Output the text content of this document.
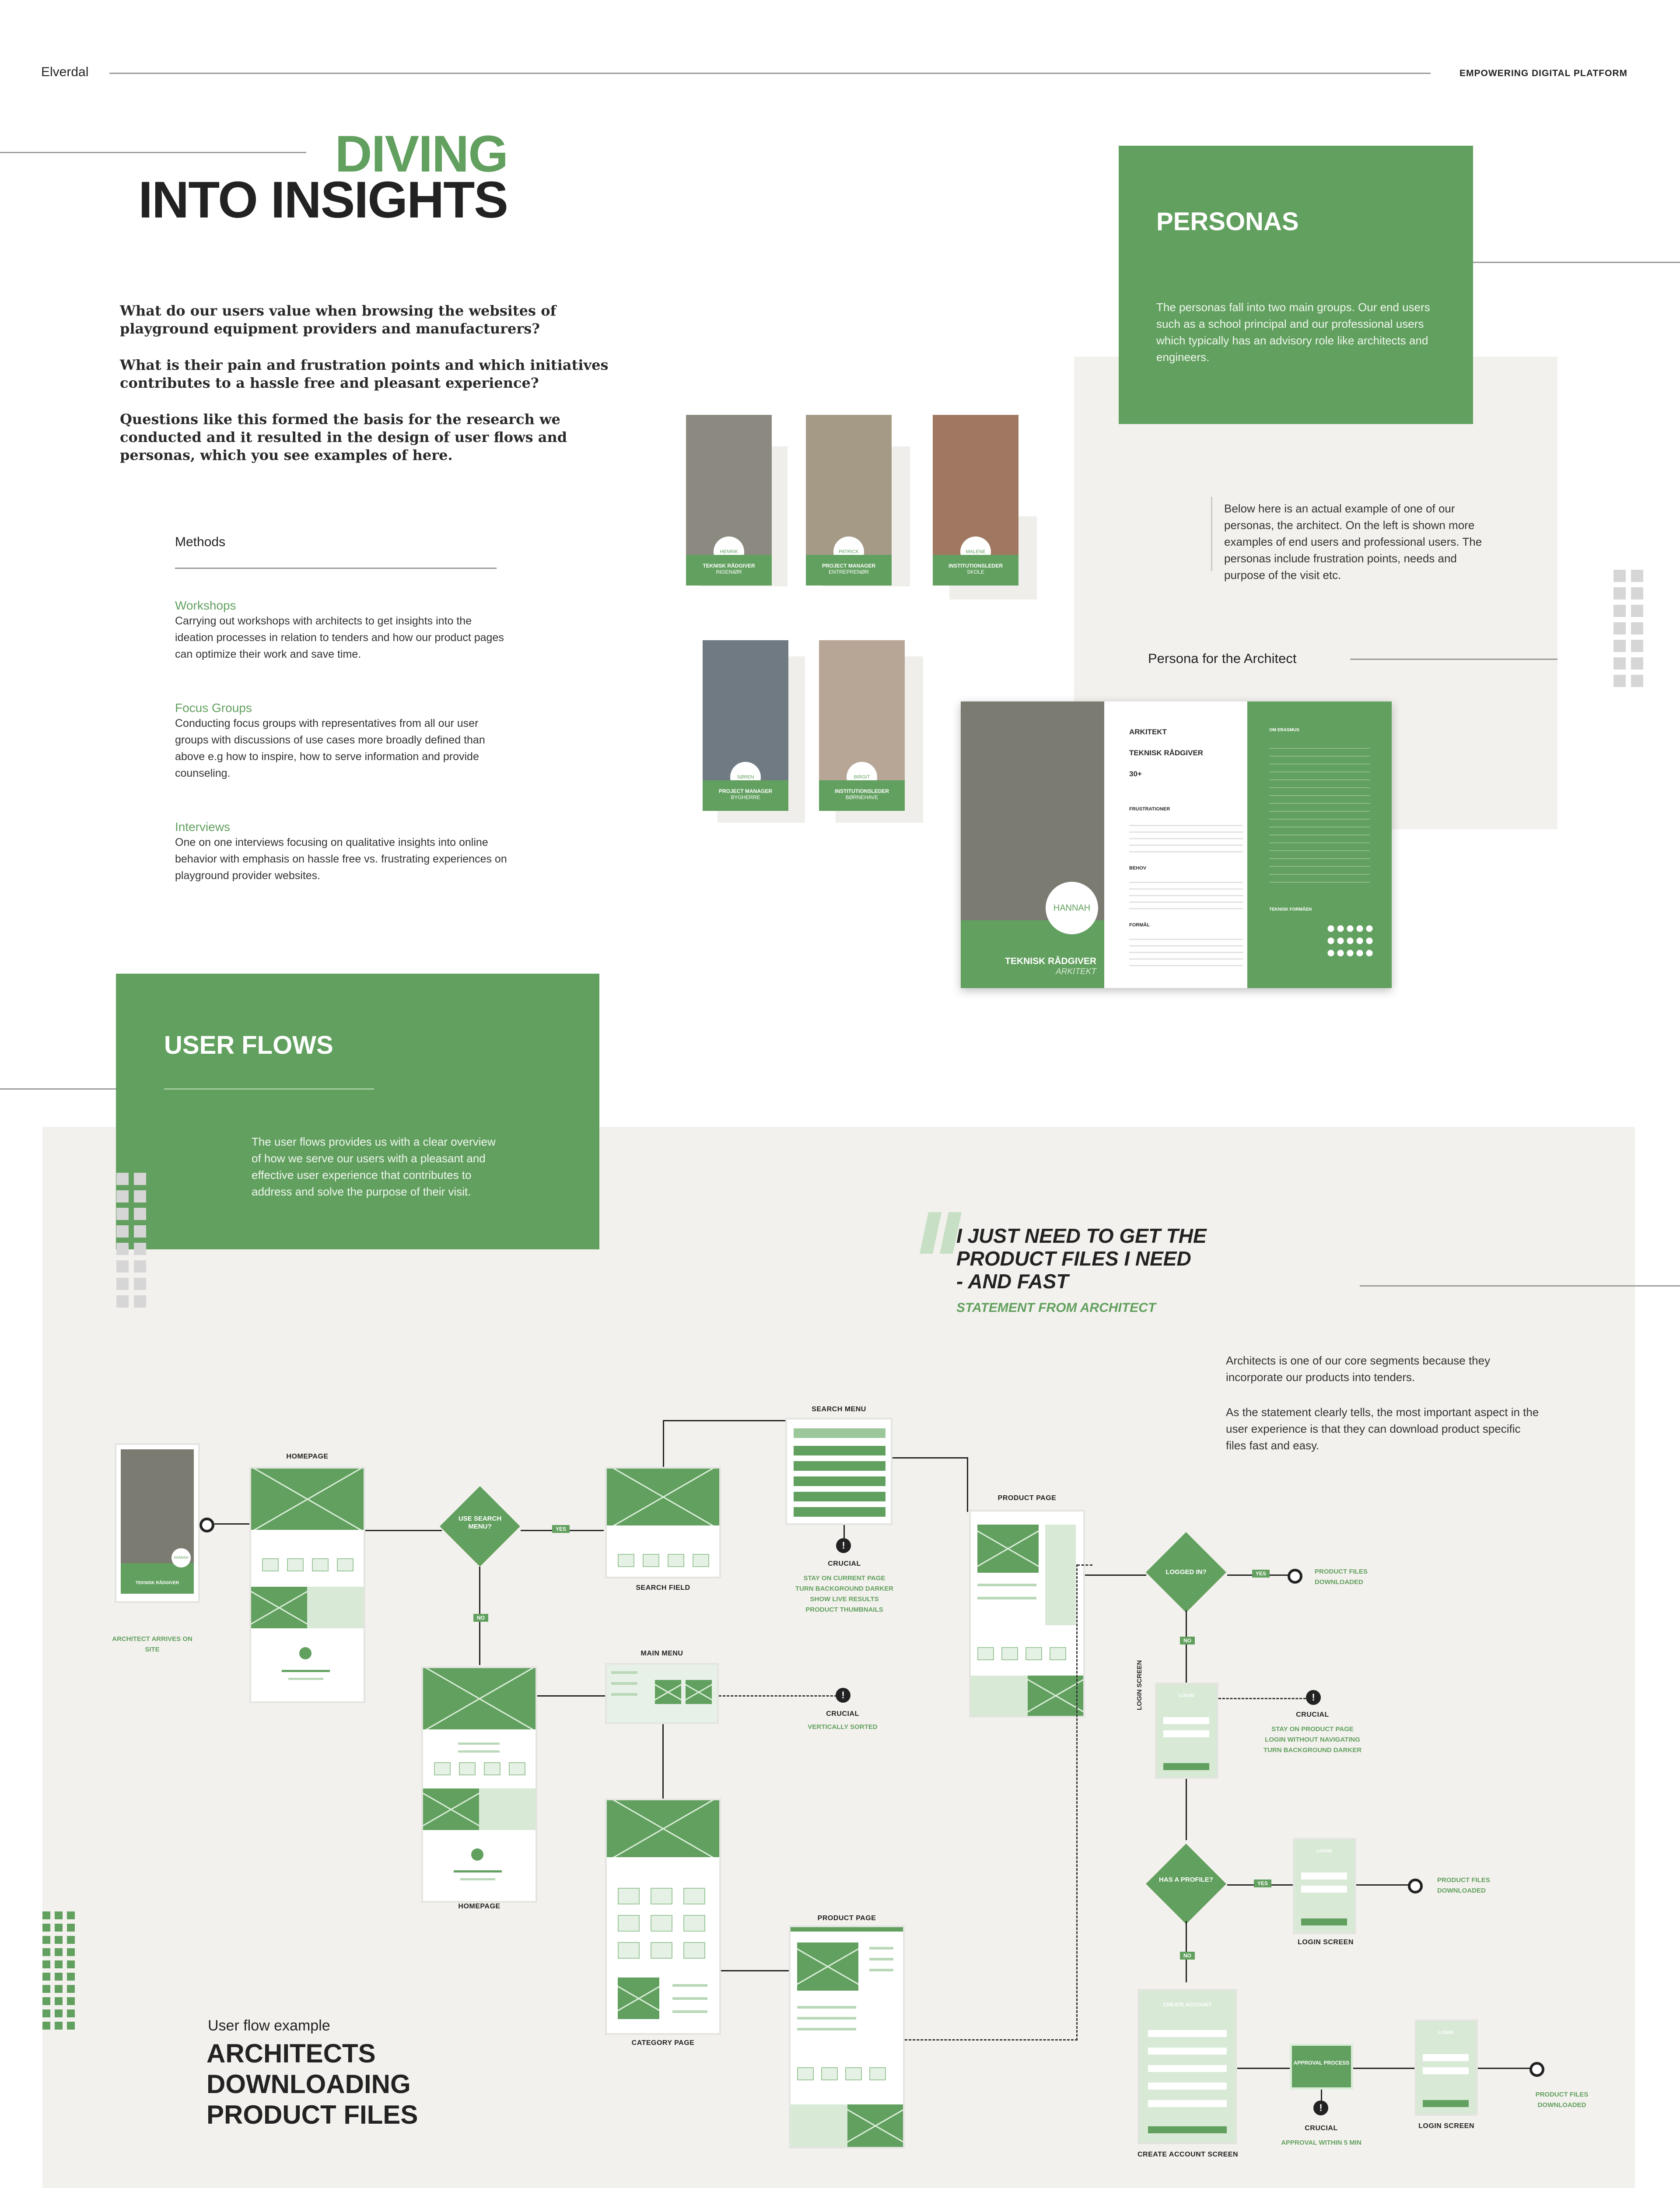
Elverdal	EMPOWERING DIGITAL PLATFORM
DIVING
INTO INSIGHTS

What do our users value when browsing the websites of playground equipment providers and manufacturers?

What is their pain and frustration points and which initiatives contributes to a hassle free and pleasant experience?

Questions like this formed the basis for the research we conducted and it resulted in the design of user flows and personas, which you see examples of here.

Methods
Workshops
Carrying out workshops with architects to get insights into the ideation processes in relation to tenders and how our product pages can optimize their work and save time.
Focus Groups
Conducting focus groups with representatives from all our user groups with discussions of use cases more broadly defined than above e.g how to inspire, how to serve information and provide counseling.
Interviews
One on one interviews focusing on qualitative insights into online behavior with emphasis on hassle free vs. frustrating experiences on playground provider websites.
HENRIK
TEKNISK RÅDGIVER
INGENIØR
PATRICK
PROJECT MANAGER
ENTREPRENØR
MALENE
INSTITUTIONSLEDER
SKOLE
SØREN
PROJECT MANAGER
BYGHERRE
BIRGIT
INSTITUTIONSLEDER
BØRNEHAVE
PERSONAS
The personas fall into two main groups. Our end users such as a school principal and our professional users which typically has an advisory role like architects and engineers.
Below here is an actual example of one of our personas, the architect. On the left is shown more examples of end users and professional users. The personas include frustration points, needs and purpose of the visit etc.
Persona for the Architect
HANNAH
TEKNISK RÅDGIVER
ARKITEKT
ARKITEKT
TEKNISK RÅDGIVER
30+
FRUSTRATIONER
BEHOV
FORMÅL
OM ERASMUS
TEKNISK FORMÅEN
USER FLOWS
The user flows provides us with a clear overview of how we serve our users with a pleasant and effective user experience that contributes to address and solve the purpose of their visit.
I JUST NEED TO GET THE
PRODUCT FILES I NEED
- AND FAST
STATEMENT FROM ARCHITECT
Architects is one of our core segments because they incorporate our products into tenders.
As the statement clearly tells, the most important aspect in the user experience is that they can download product specific files fast and easy.
User flow example
ARCHITECTS
DOWNLOADING
PRODUCT FILES
TEKNISK RÅDGIVER
HANNAH
ARCHITECT ARRIVES ON SITE
HOMEPAGE
USE SEARCH MENU?	YES
NO
SEARCH FIELD
SEARCH MENU
!
CRUCIAL
STAY ON CURRENT PAGE
TURN BACKGROUND DARKER
SHOW LIVE RESULTS
PRODUCT THUMBNAILS
PRODUCT PAGE
LOGGED IN?	YES	PRODUCT FILES DOWNLOADED
NO
LOGIN SCREEN	LOGIN	!
CRUCIAL
STAY ON PRODUCT PAGE
LOGIN WITHOUT NAVIGATING
TURN BACKGROUND DARKER
HAS A PROFILE?	YES
NO
LOGIN
LOGIN SCREEN
PRODUCT FILES DOWNLOADED
CREATE ACCOUNT
CREATE ACCOUNT SCREEN
APPROVAL PROCESS
!
CRUCIAL
APPROVAL WITHIN 5 MIN
LOGIN
LOGIN SCREEN
PRODUCT FILES DOWNLOADED
HOMEPAGE
MAIN MENU
!
CRUCIAL
VERTICALLY SORTED
CATEGORY PAGE
PRODUCT PAGE
